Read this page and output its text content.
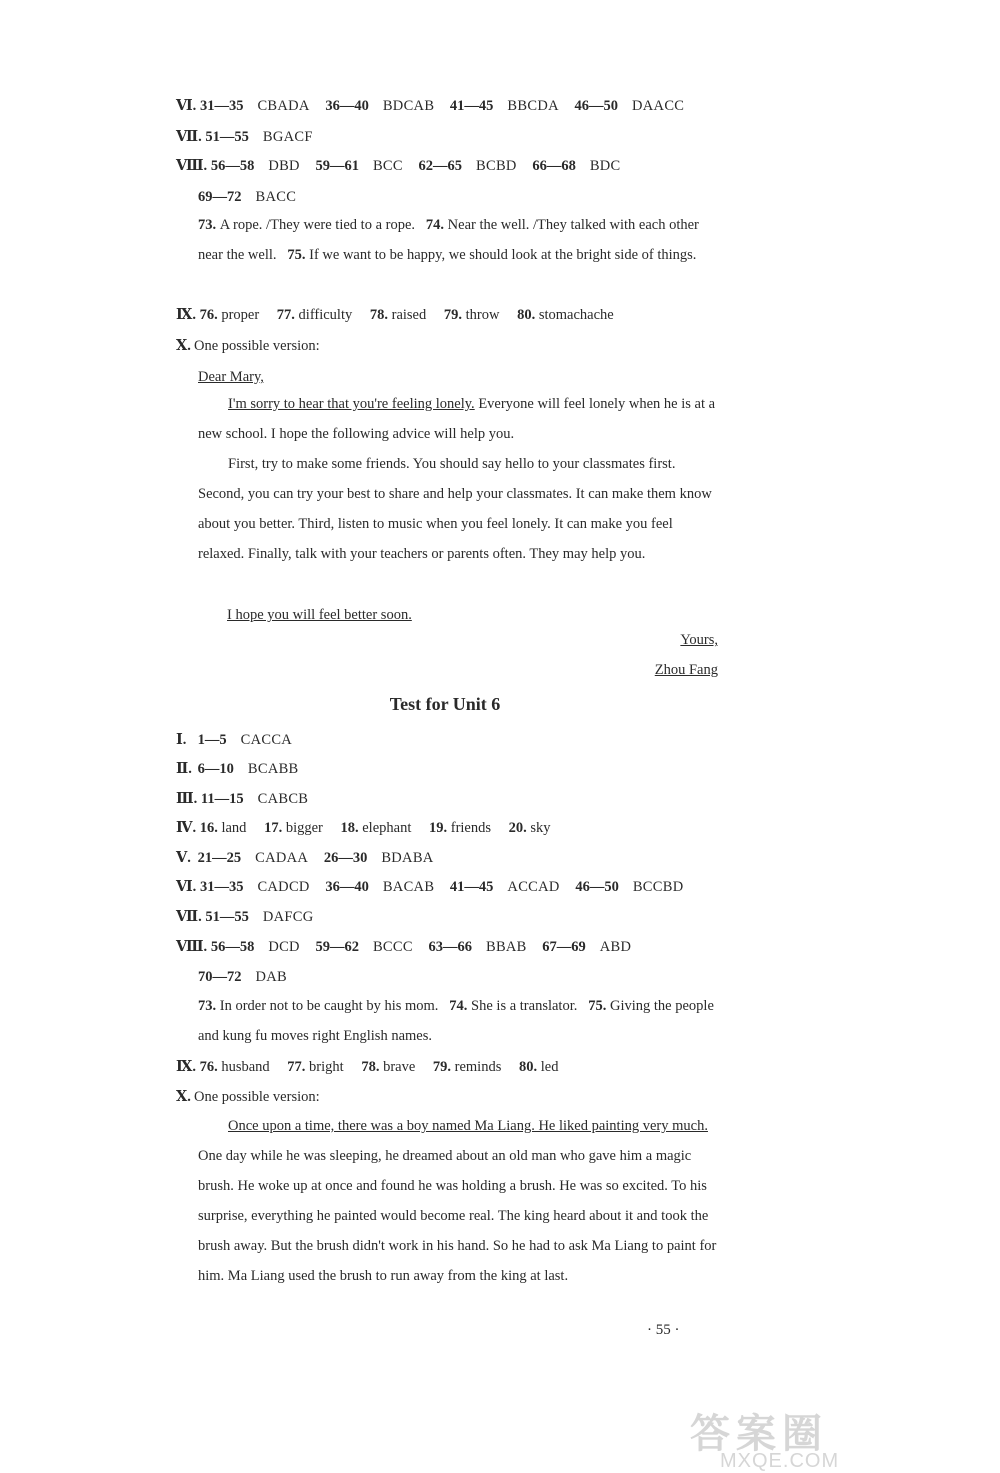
Ⅵ. 31—35 CBADA 36—40 BDCAB 41—45 BBCDA 46—50 DAACC
Ⅶ. 51—55 BGACF
Ⅷ. 56—58 DBD 59—61 BCC 62—65 BCBD 66—68 BDC
69—72 BACC
73. A rope. /They were tied to a rope. 74. Near the well. /They talked with each other near the well. 75. If we want to be happy, we should look at the bright side of things.
Ⅸ. 76. proper 77. difficulty 78. raised 79. throw 80. stomachache
Ⅹ. One possible version:
Dear Mary,
I'm sorry to hear that you're feeling lonely. Everyone will feel lonely when he is at a new school. I hope the following advice will help you.
First, try to make some friends. You should say hello to your classmates first. Second, you can try your best to share and help your classmates. It can make them know about you better. Third, listen to music when you feel lonely. It can make you feel relaxed. Finally, talk with your teachers or parents often. They may help you.
I hope you will feel better soon.
Yours,
Zhou Fang
Test for Unit 6
Ⅰ. 1—5 CACCA
Ⅱ. 6—10 BCABB
Ⅲ. 11—15 CABCB
Ⅳ. 16. land 17. bigger 18. elephant 19. friends 20. sky
Ⅴ. 21—25 CADAA 26—30 BDABA
Ⅵ. 31—35 CADCD 36—40 BACAB 41—45 ACCAD 46—50 BCCBD
Ⅶ. 51—55 DAFCG
Ⅷ. 56—58 DCD 59—62 BCCC 63—66 BBAB 67—69 ABD
70—72 DAB
73. In order not to be caught by his mom. 74. She is a translator. 75. Giving the people and kung fu moves right English names.
Ⅸ. 76. husband 77. bright 78. brave 79. reminds 80. led
Ⅹ. One possible version:
Once upon a time, there was a boy named Ma Liang. He liked painting very much. One day while he was sleeping, he dreamed about an old man who gave him a magic brush. He woke up at once and found he was holding a brush. He was so excited. To his surprise, everything he painted would become real. The king heard about it and took the brush away. But the brush didn't work in his hand. So he had to ask Ma Liang to paint for him. Ma Liang used the brush to run away from the king at last.
· 55 ·
答案圈
MXQE.COM
